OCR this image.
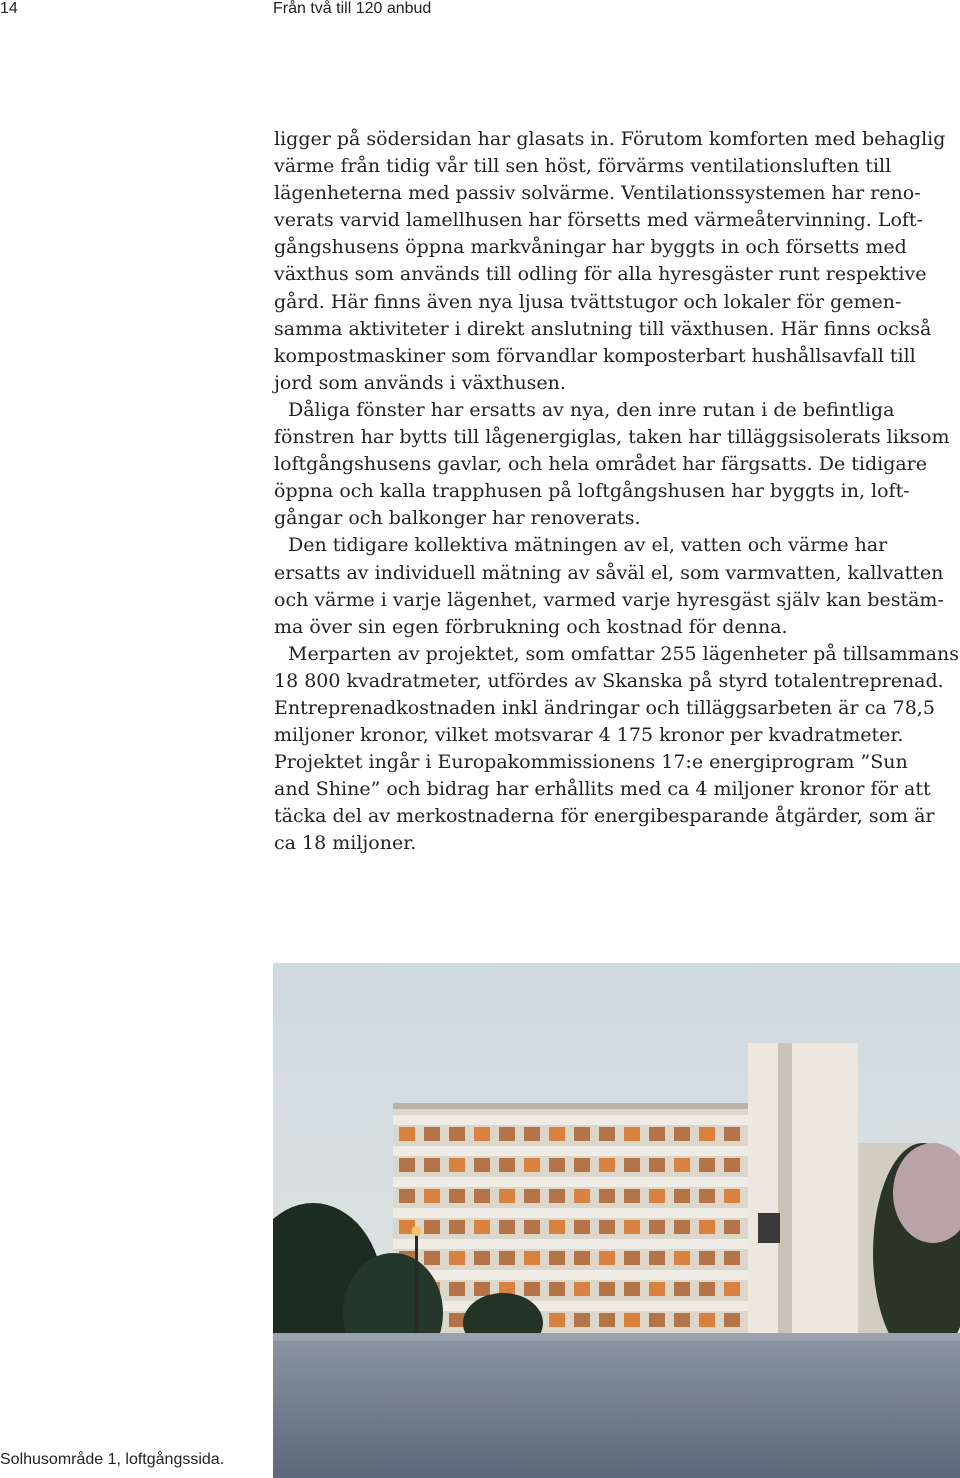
14	Från två till 120 anbud

ligger på södersidan har glasats in. Förutom komforten med behaglig
värme från tidig vår till sen höst, förvärms ventilationsluften till
lägenheterna med passiv solvärme. Ventilationssystemen har reno-
verats varvid lamellhusen har försetts med värmeåtervinning. Loft-
gångshusens öppna markvåningar har byggts in och försetts med
växthus som används till odling för alla hyresgäster runt respektive
gård. Här finns även nya ljusa tvättstugor och lokaler för gemen-
samma aktiviteter i direkt anslutning till växthusen. Här finns också
kompostmaskiner som förvandlar komposterbart hushållsavfall till
jord som används i växthusen.

Dåliga fönster har ersatts av nya, den inre rutan i de befintliga
fönstren har bytts till lågenergiglas, taken har tilläggsisolerats liksom
loftgångshusens gavlar, och hela området har färgsatts. De tidigare
öppna och kalla trapphusen på loftgångshusen har byggts in, loft-
gångar och balkonger har renoverats.

Den tidigare kollektiva mätningen av el, vatten och värme har
ersatts av individuell mätning av såväl el, som varmvatten, kallvatten
och värme i varje lägenhet, varmed varje hyresgäst själv kan bestäm-
ma över sin egen förbrukning och kostnad för denna.

Merparten av projektet, som omfattar 255 lägenheter på tillsammans
18 800 kvadratmeter, utfördes av Skanska på styrd totalentreprenad.
Entreprenadkostnaden inkl ändringar och tilläggsarbeten är ca 78,5
miljoner kronor, vilket motsvarar 4 175 kronor per kvadratmeter.
Projektet ingår i Europakommissionens 17:e energiprogram ”Sun
and Shine” och bidrag har erhållits med ca 4 miljoner kronor för att
täcka del av merkostnaderna för energibesparande åtgärder, som är
ca 18 miljoner.

Solhusområde 1, loftgångssida.
